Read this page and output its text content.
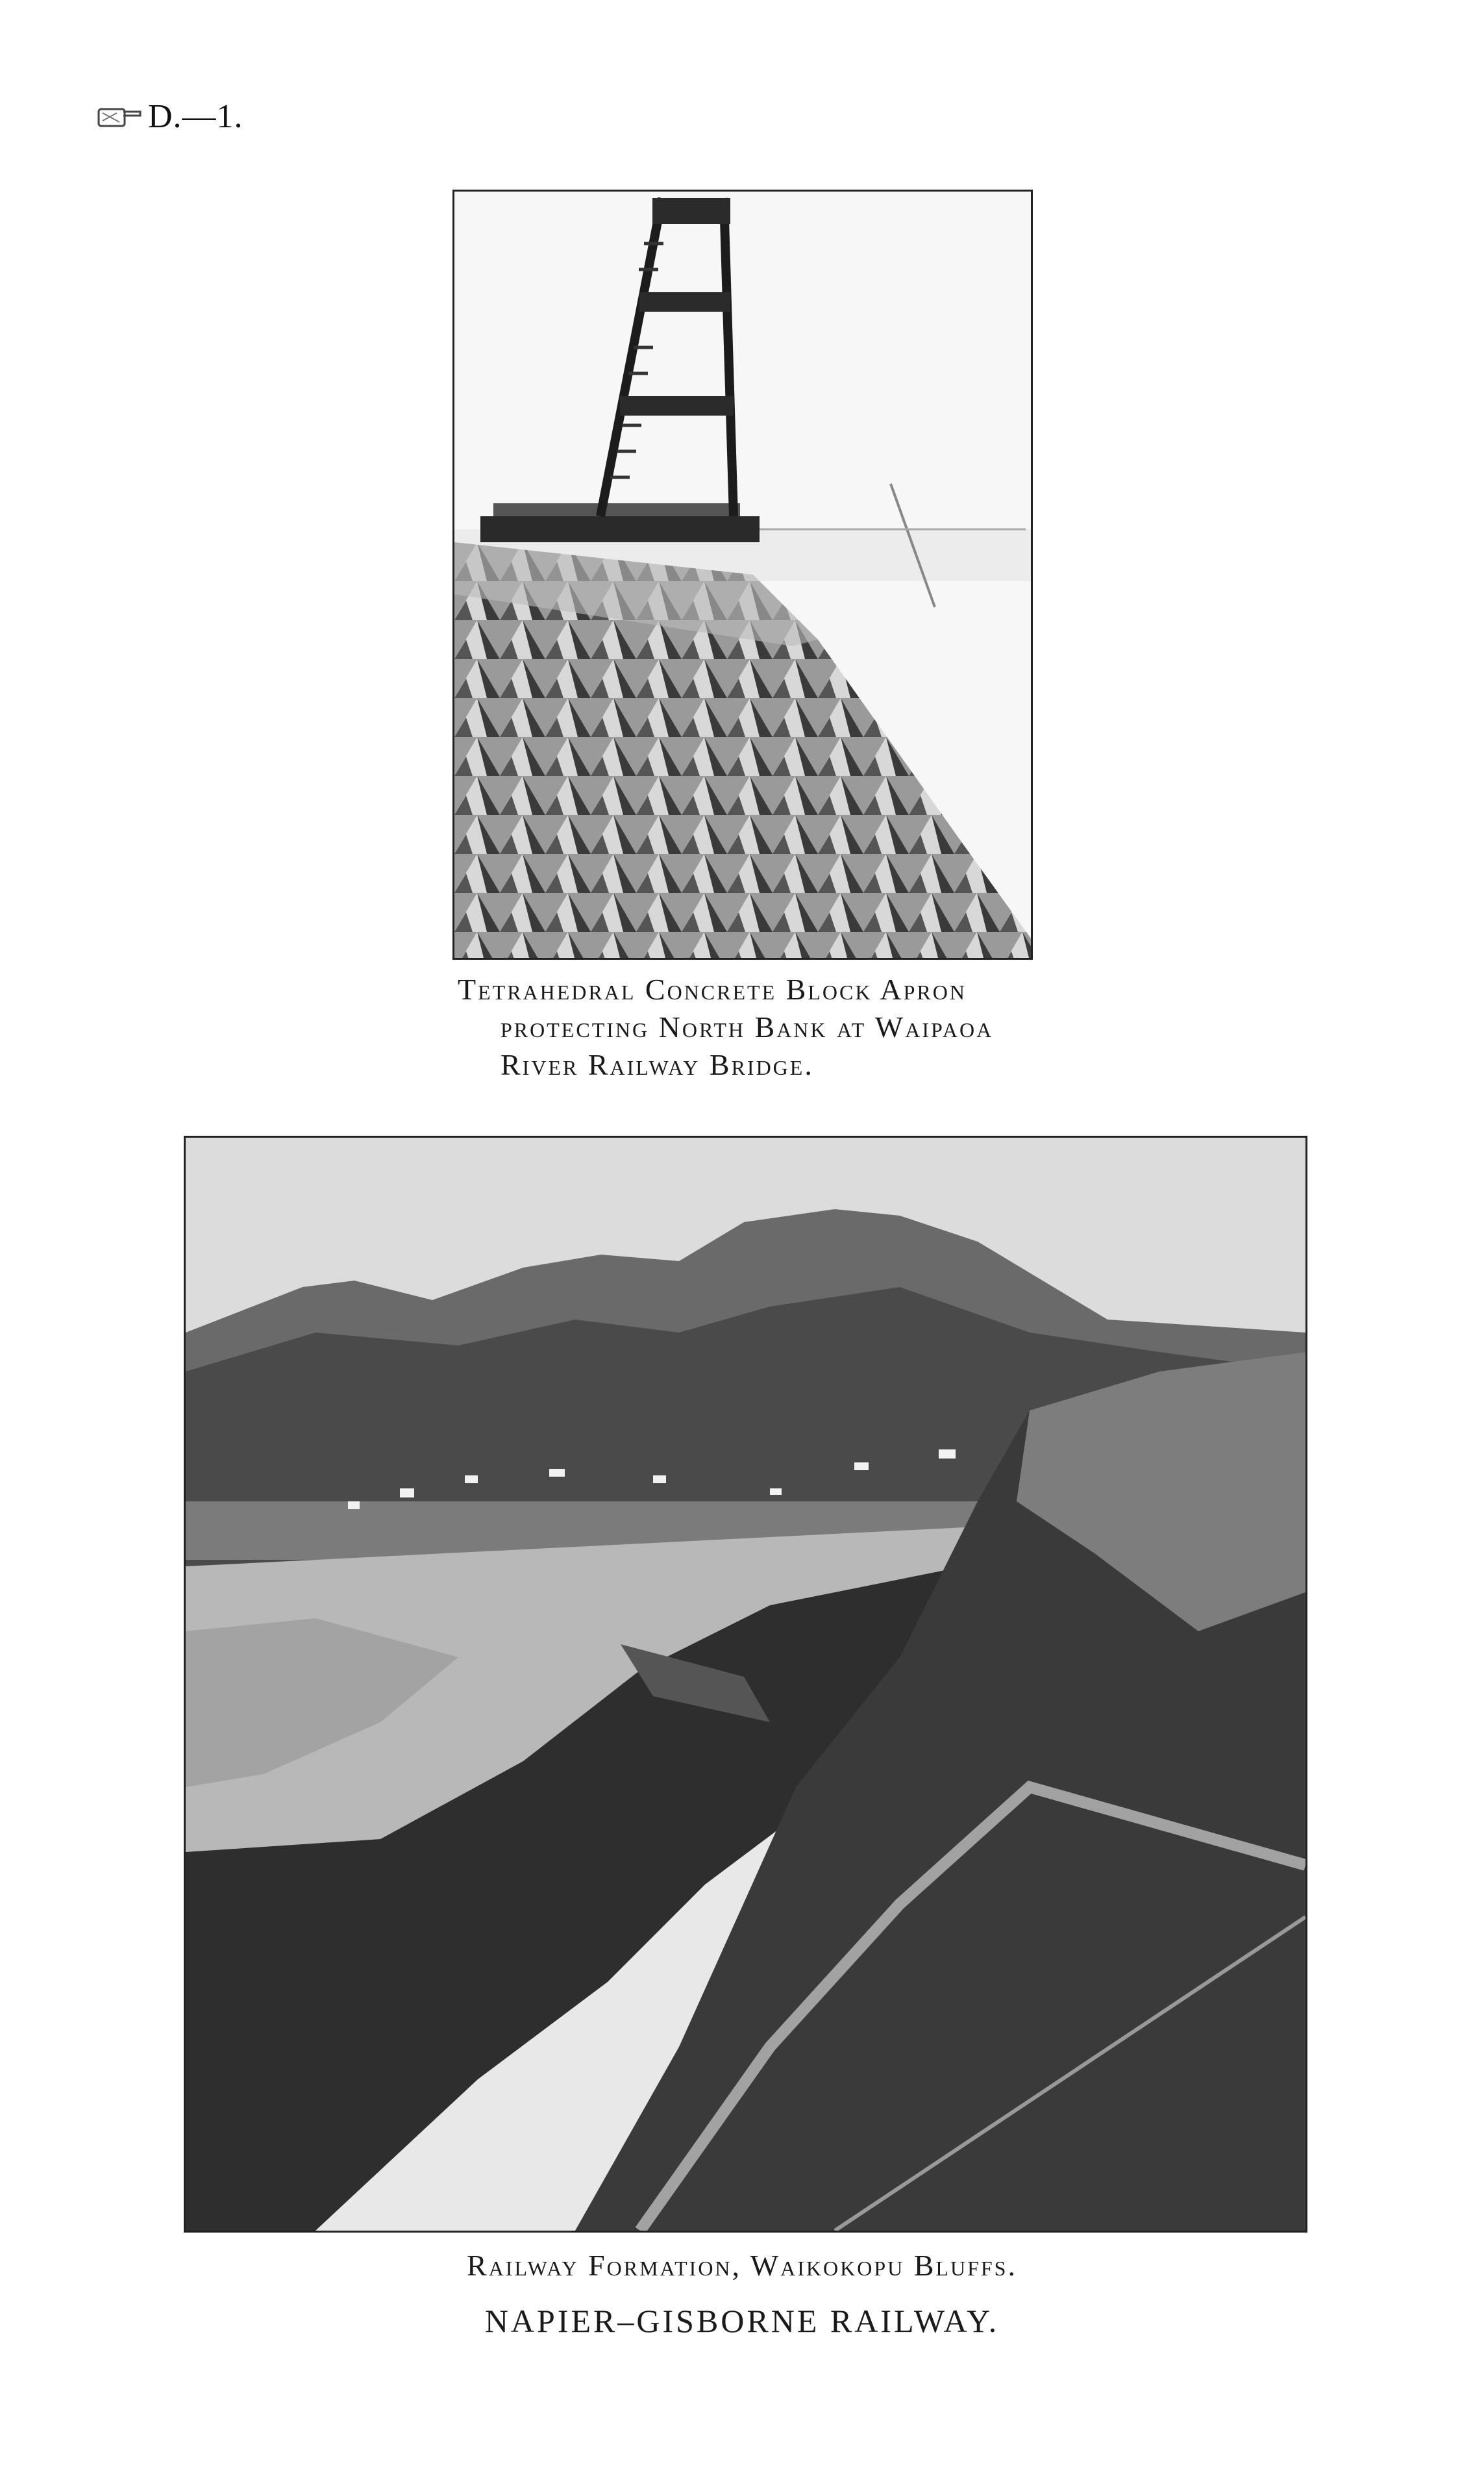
D.—1.
Tetrahedral Concrete Block Apron
protecting North Bank at Waipaoa
River Railway Bridge.
Railway Formation, Waikokopu Bluffs.
NAPIER–GISBORNE RAILWAY.
